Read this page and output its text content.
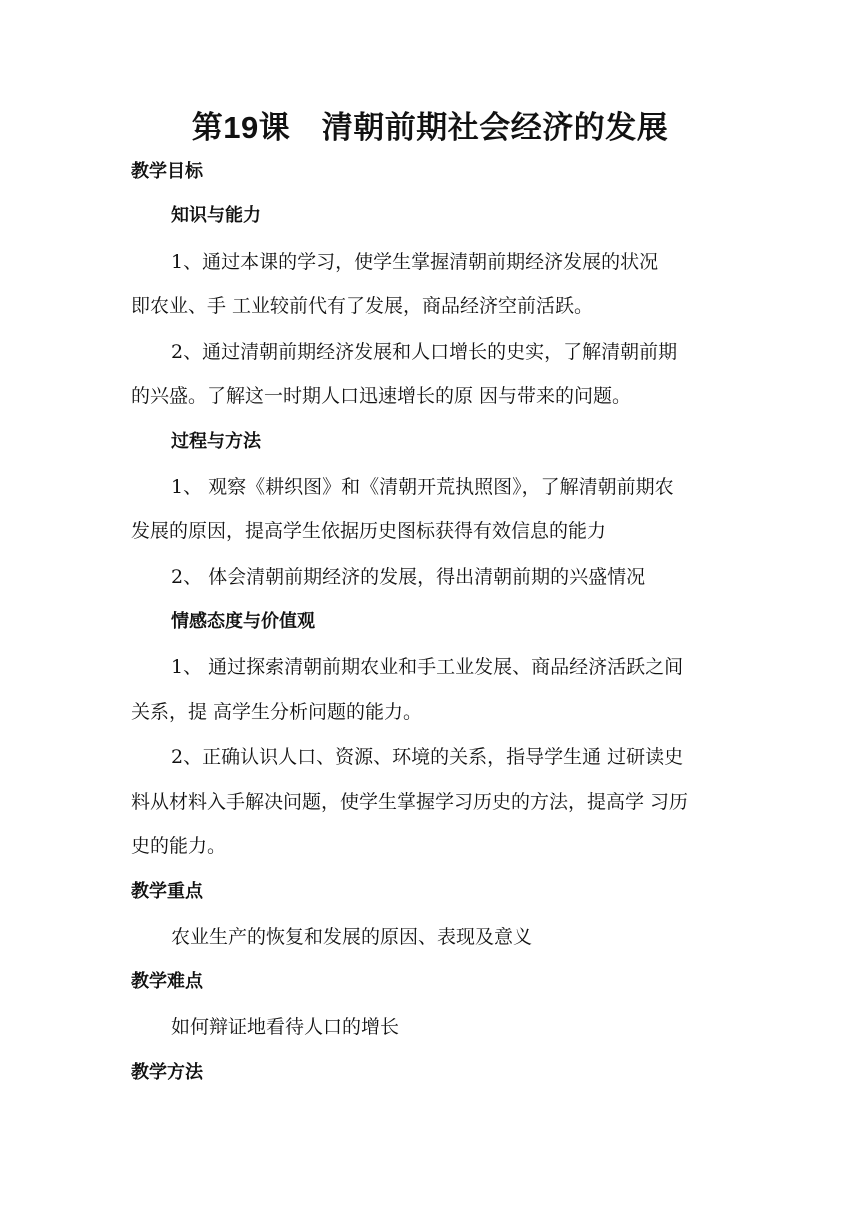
第19课　清朝前期社会经济的发展
教学目标
知识与能力
1、通过本课的学习，使学生掌握清朝前期经济发展的状况
即农业、手 工业较前代有了发展，商品经济空前活跃。
2、通过清朝前期经济发展和人口增长的史实，了解清朝前期
的兴盛。了解这一时期人口迅速增长的原 因与带来的问题。
过程与方法
1、 观察《耕织图》和《清朝开荒执照图》，了解清朝前期农
发展的原因，提高学生依据历史图标获得有效信息的能力
2、 体会清朝前期经济的发展，得出清朝前期的兴盛情况
情感态度与价值观
1、 通过探索清朝前期农业和手工业发展、商品经济活跃之间
关系，提 高学生分析问题的能力。
2、正确认识人口、资源、环境的关系，指导学生通 过研读史
料从材料入手解决问题，使学生掌握学习历史的方法，提高学 习历
史的能力。
教学重点
农业生产的恢复和发展的原因、表现及意义
教学难点
如何辩证地看待人口的增长
教学方法
